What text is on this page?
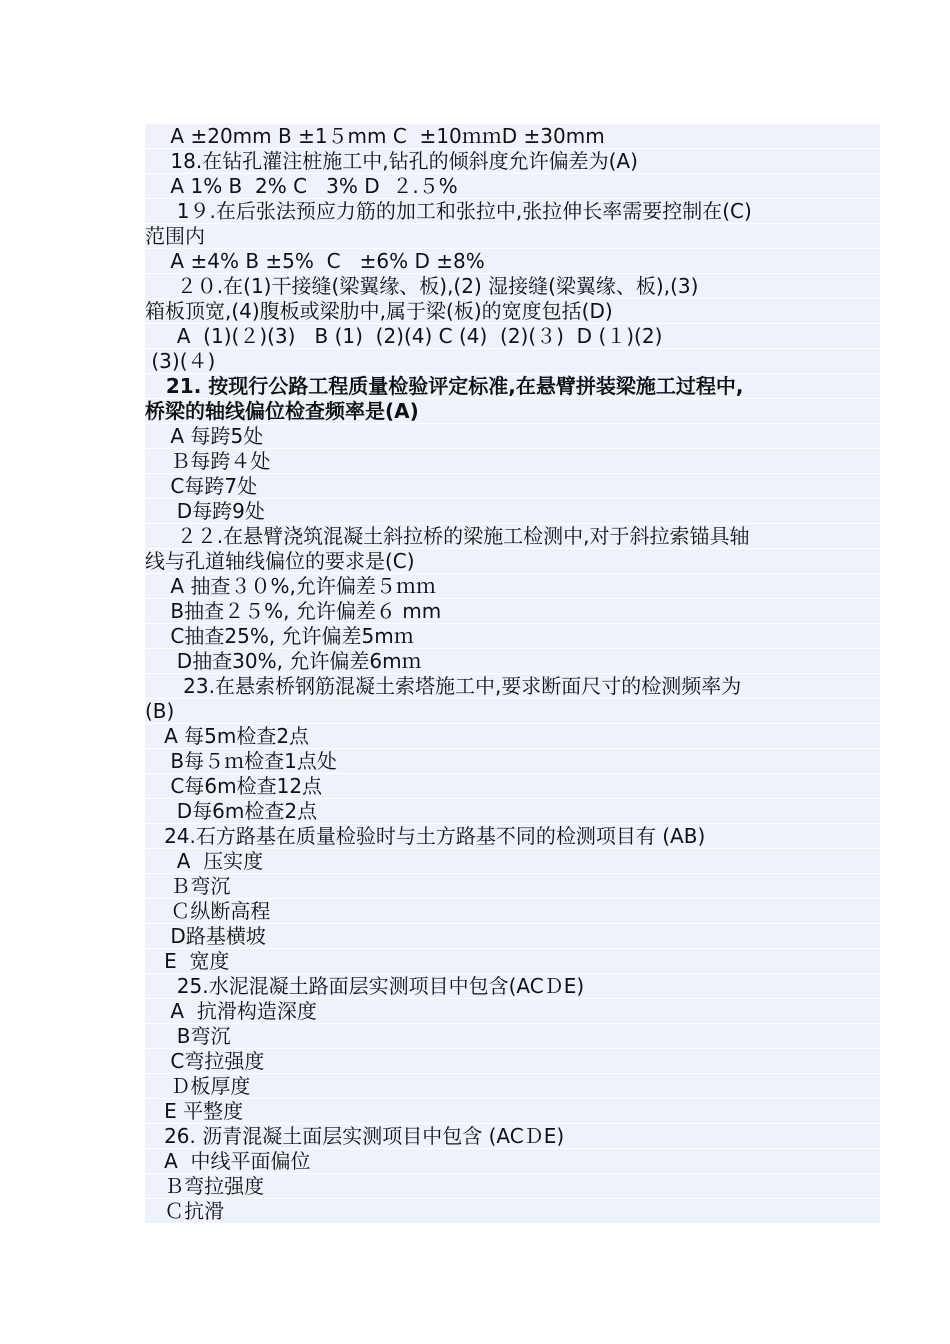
A ±20mm B ±1５mm C  ±10ｍｍD ±30mm
18.在钻孔灌注桩施工中,钻孔的倾斜度允许偏差为(A)
A 1% B  2% C   3% D  ２.５%
1９.在后张法预应力筋的加工和张拉中,张拉伸长率需要控制在(C)
范围内
A ±4% B ±5%  C   ±6% D ±8%
２０.在(1)干接缝(梁翼缘、板),(2) 湿接缝(梁翼缘、板),(3)
箱板顶宽,(4)腹板或梁肋中,属于梁(板)的宽度包括(D)
A  (1)(２)(3)   B (1)  (2)(4) C (4)  (2)(３)  D (１)(2)
(3)(４)
21. 按现行公路工程质量检验评定标准,在悬臂拼装梁施工过程中,
桥梁的轴线偏位检查频率是(A)
A 每跨5处
Ｂ每跨４处
C每跨7处
D每跨9处
２２.在悬臂浇筑混凝土斜拉桥的梁施工检测中,对于斜拉索锚具轴
线与孔道轴线偏位的要求是(C)
A 抽查３０%,允许偏差５ｍｍ
B抽查２５%, 允许偏差６ mm
C抽查25%, 允许偏差5mｍ
D抽查30%, 允许偏差6mｍ
23.在悬索桥钢筋混凝土索塔施工中,要求断面尺寸的检测频率为
(B)
A 每5m检查2点
B每５ｍ检查1点处
C每6m检查12点
D每6m检查2点
24.石方路基在质量检验时与土方路基不同的检测项目有 (AB)
A  压实度
Ｂ弯沉
Ｃ纵断高程
D路基横坡
E  宽度
25.水泥混凝土路面层实测项目中包含(ACＤE)
A  抗滑构造深度
B弯沉
C弯拉强度
Ｄ板厚度
E 平整度
26. 沥青混凝土面层实测项目中包含 (ACＤE)
A  中线平面偏位
Ｂ弯拉强度
Ｃ抗滑
